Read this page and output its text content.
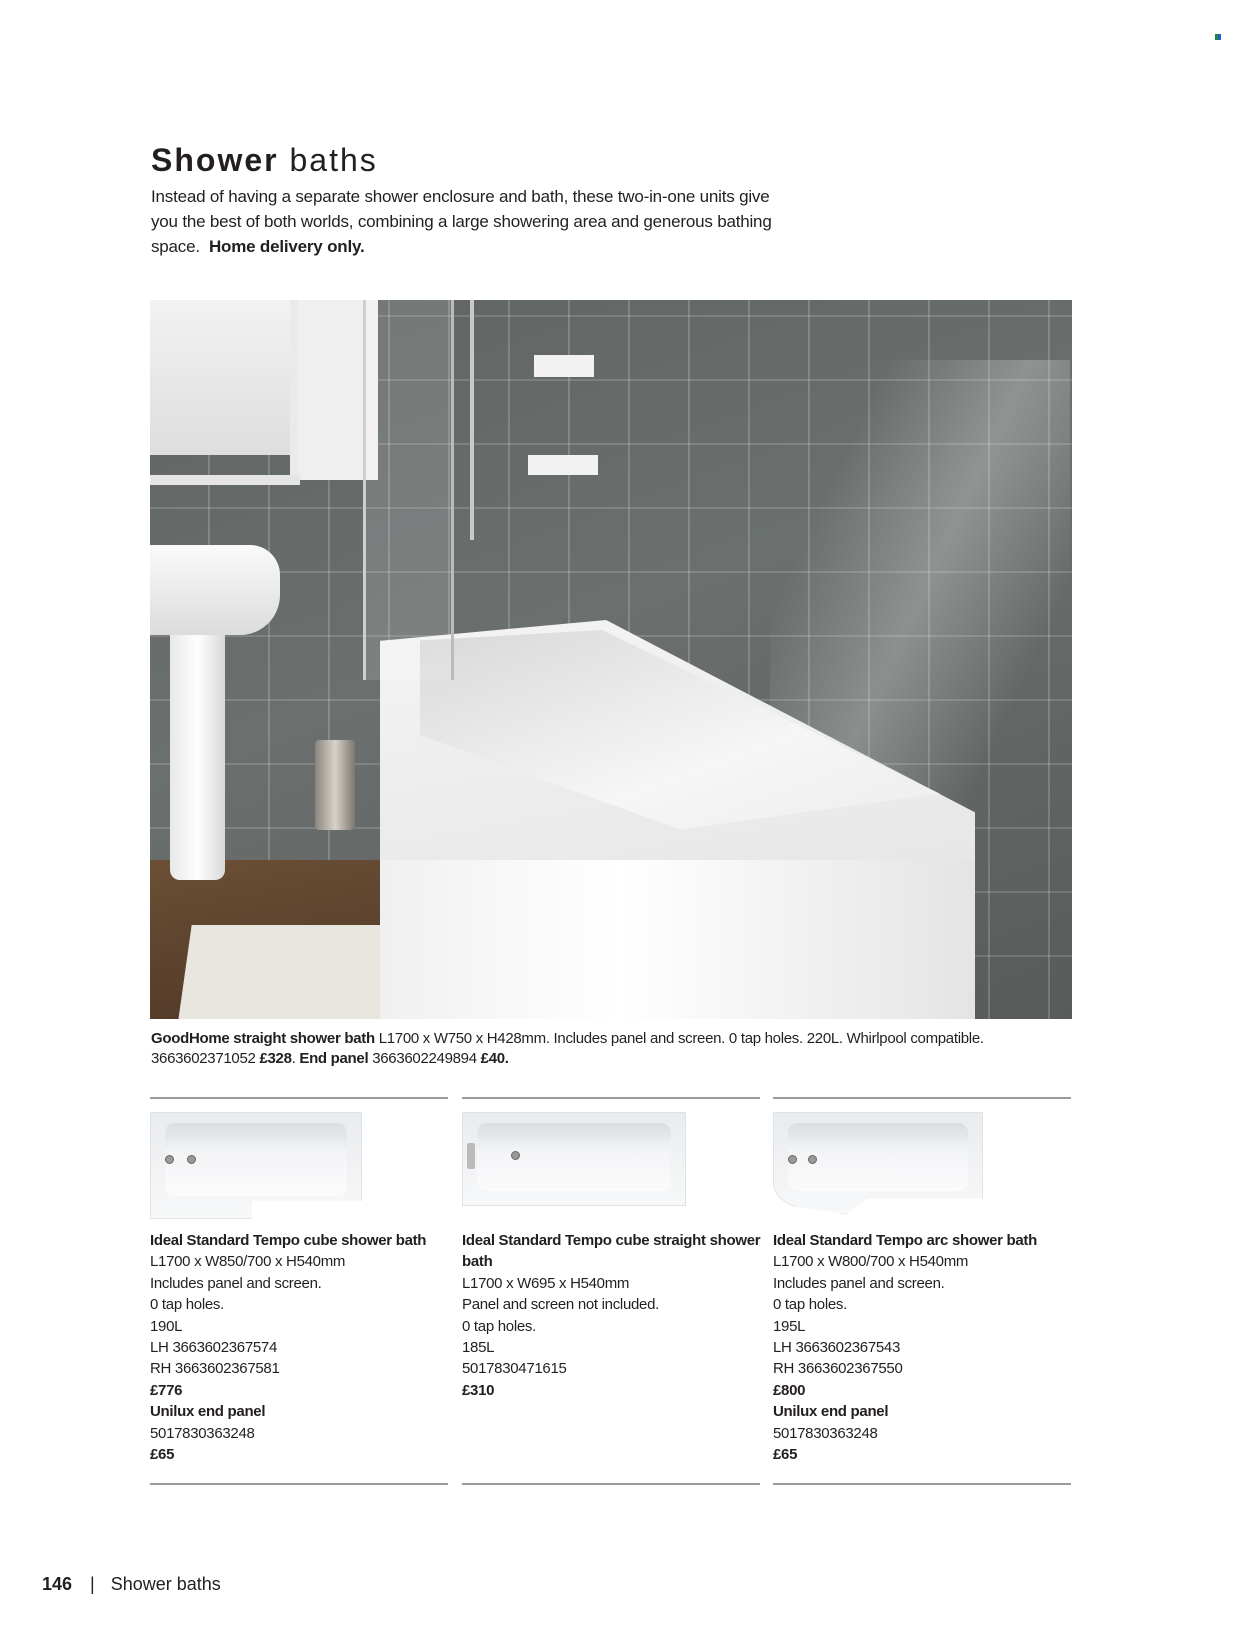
Shower baths
Instead of having a separate shower enclosure and bath, these two-in-one units give you the best of both worlds, combining a large showering area and generous bathing space. Home delivery only.
GoodHome straight shower bath L1700 x W750 x H428mm. Includes panel and screen. 0 tap holes. 220L. Whirlpool compatible.
3663602371052 £328. End panel 3663602249894 £40.
Ideal Standard Tempo cube shower bath
L1700 x W850/700 x H540mm
Includes panel and screen.
0 tap holes.
190L
LH 3663602367574
RH 3663602367581
£776
Unilux end panel
5017830363248
£65
Ideal Standard Tempo cube straight shower bath
L1700 x W695 x H540mm
Panel and screen not included.
0 tap holes.
185L
5017830471615
£310
Ideal Standard Tempo arc shower bath
L1700 x W800/700 x H540mm
Includes panel and screen.
0 tap holes.
195L
LH 3663602367543
RH 3663602367550
£800
Unilux end panel
5017830363248
£65
146 | Shower baths
